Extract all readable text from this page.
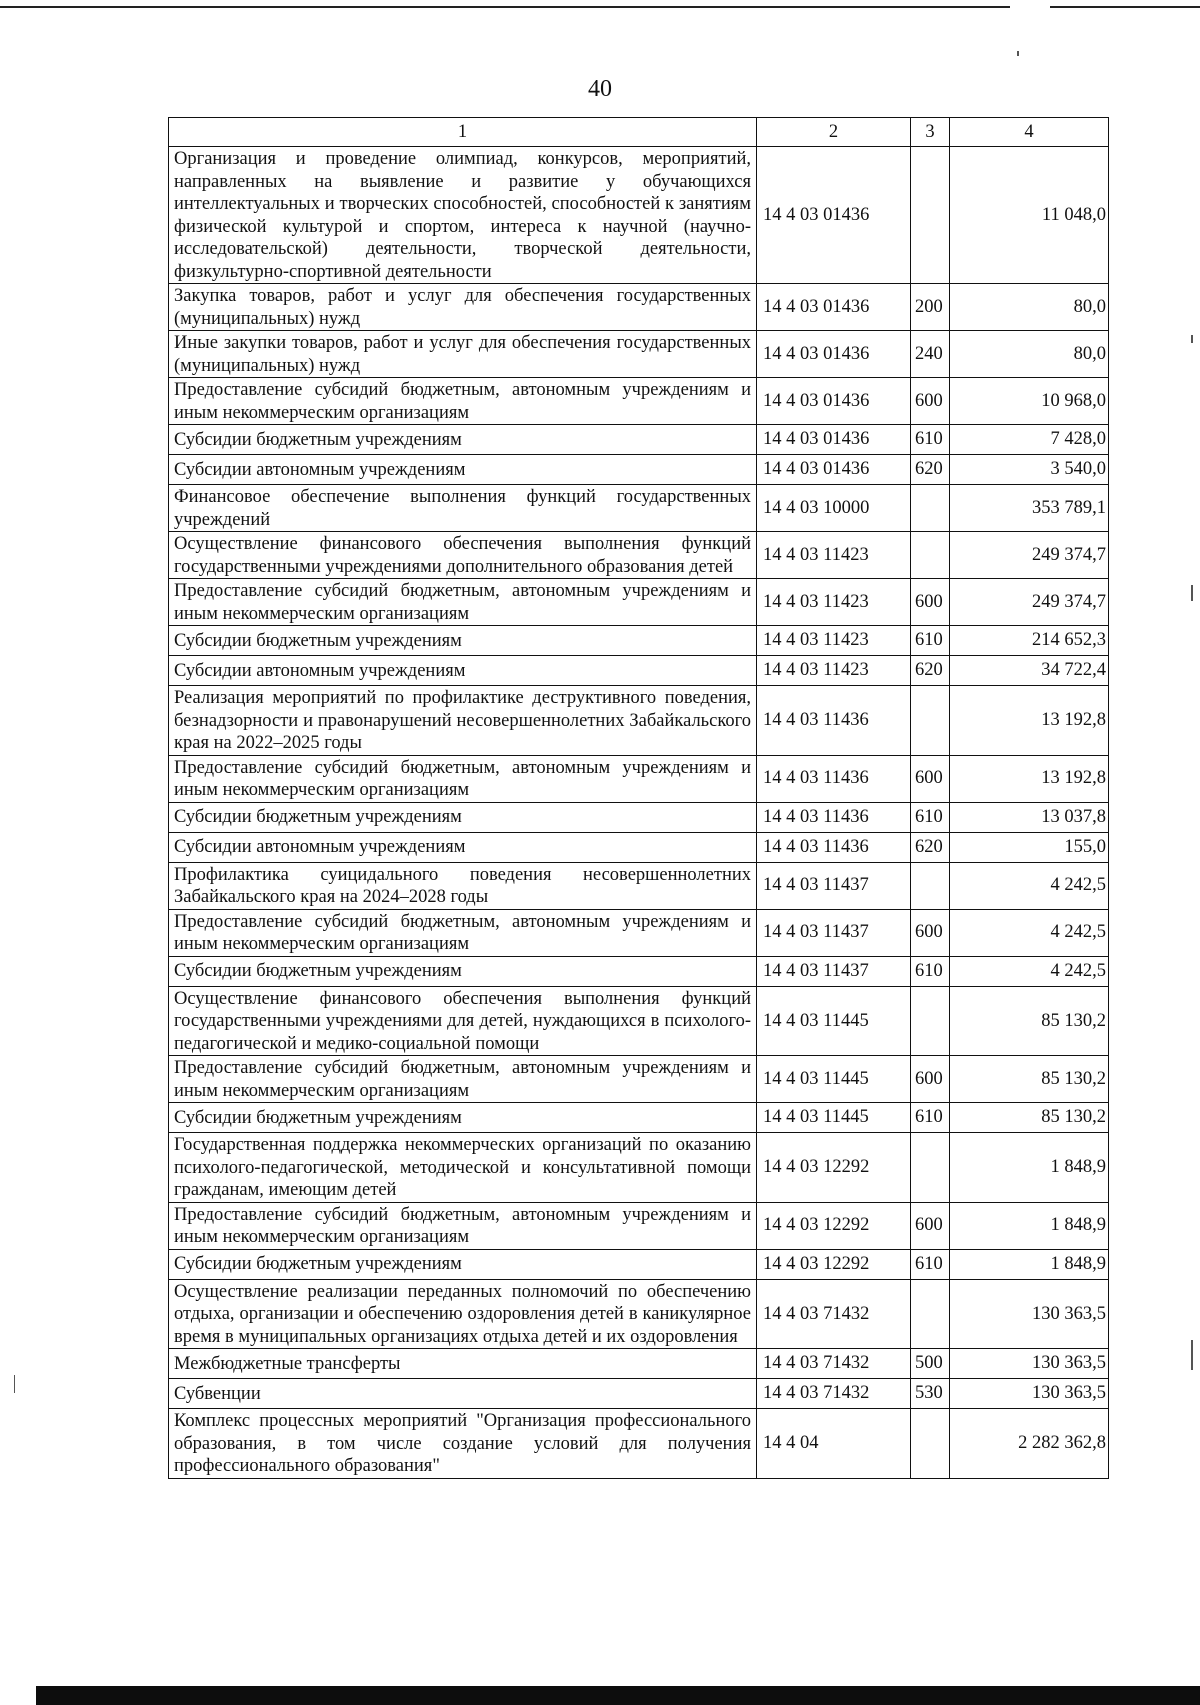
40
1	2	3	4
Организация и проведение олимпиад, конкурсов, мероприятий, направленных на выявление и развитие у обучающихся интеллектуальных и творческих способностей, способностей к занятиям физической культурой и спортом, интереса к научной (научно-исследовательской) деятельности, творческой деятельности, физкультурно-спортивной деятельности	14 4 03 01436		11 048,0
Закупка товаров, работ и услуг для обеспечения государственных (муниципальных) нужд	14 4 03 01436	200	80,0
Иные закупки товаров, работ и услуг для обеспечения государственных (муниципальных) нужд	14 4 03 01436	240	80,0
Предоставление субсидий бюджетным, автономным учреждениям и иным некоммерческим организациям	14 4 03 01436	600	10 968,0
Субсидии бюджетным учреждениям	14 4 03 01436	610	7 428,0
Субсидии автономным учреждениям	14 4 03 01436	620	3 540,0
Финансовое обеспечение выполнения функций государственных учреждений	14 4 03 10000		353 789,1
Осуществление финансового обеспечения выполнения функций государственными учреждениями дополнительного образования детей	14 4 03 11423		249 374,7
Предоставление субсидий бюджетным, автономным учреждениям и иным некоммерческим организациям	14 4 03 11423	600	249 374,7
Субсидии бюджетным учреждениям	14 4 03 11423	610	214 652,3
Субсидии автономным учреждениям	14 4 03 11423	620	34 722,4
Реализация мероприятий по профилактике деструктивного поведения, безнадзорности и правонарушений несовершеннолетних Забайкальского края на 2022–2025 годы	14 4 03 11436		13 192,8
Предоставление субсидий бюджетным, автономным учреждениям и иным некоммерческим организациям	14 4 03 11436	600	13 192,8
Субсидии бюджетным учреждениям	14 4 03 11436	610	13 037,8
Субсидии автономным учреждениям	14 4 03 11436	620	155,0
Профилактика суицидального поведения несовершеннолетних Забайкальского края на 2024–2028 годы	14 4 03 11437		4 242,5
Предоставление субсидий бюджетным, автономным учреждениям и иным некоммерческим организациям	14 4 03 11437	600	4 242,5
Субсидии бюджетным учреждениям	14 4 03 11437	610	4 242,5
Осуществление финансового обеспечения выполнения функций государственными учреждениями для детей, нуждающихся в психолого-педагогической и медико-социальной помощи	14 4 03 11445		85 130,2
Предоставление субсидий бюджетным, автономным учреждениям и иным некоммерческим организациям	14 4 03 11445	600	85 130,2
Субсидии бюджетным учреждениям	14 4 03 11445	610	85 130,2
Государственная поддержка некоммерческих организаций по оказанию психолого-педагогической, методической и консультативной помощи гражданам, имеющим детей	14 4 03 12292		1 848,9
Предоставление субсидий бюджетным, автономным учреждениям и иным некоммерческим организациям	14 4 03 12292	600	1 848,9
Субсидии бюджетным учреждениям	14 4 03 12292	610	1 848,9
Осуществление реализации переданных полномочий по обеспечению отдыха, организации и обеспечению оздоровления детей в каникулярное время в муниципальных организациях отдыха детей и их оздоровления	14 4 03 71432		130 363,5
Межбюджетные трансферты	14 4 03 71432	500	130 363,5
Субвенции	14 4 03 71432	530	130 363,5
Комплекс процессных мероприятий "Организация профессионального образования, в том числе создание условий для получения профессионального образования"	14 4 04		2 282 362,8
